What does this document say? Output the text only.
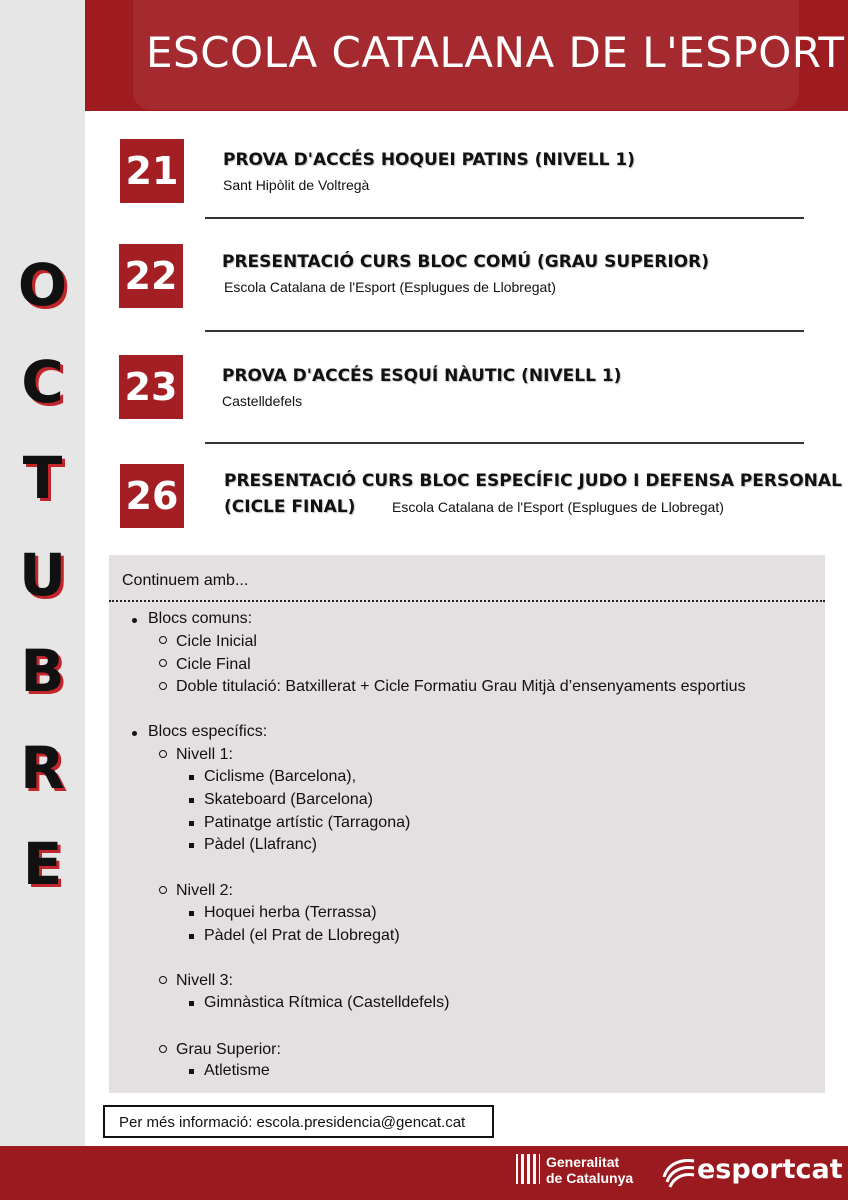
O
C
T
U
B
R
E
ESCOLA CATALANA DE L'ESPORT
21	PROVA D'ACCÉS HOQUEI PATINS (NIVELL 1)
Sant Hipòlit de Voltregà
22	PRESENTACIÓ CURS BLOC COMÚ (GRAU SUPERIOR)
Escola Catalana de l'Esport (Esplugues de Llobregat)
23	PROVA D'ACCÉS ESQUÍ NÀUTIC (NIVELL 1)
Castelldefels
26	PRESENTACIÓ CURS BLOC ESPECÍFIC JUDO I DEFENSA PERSONAL
(CICLE FINAL)	Escola Catalana de l'Esport (Esplugues de Llobregat)
Continuem amb...
Blocs comuns:
Cicle Inicial
Cicle Final
Doble titulació: Batxillerat + Cicle Formatiu Grau Mitjà d’ensenyaments esportius
Blocs específics:
Nivell 1:
Ciclisme (Barcelona),
Skateboard (Barcelona)
Patinatge artístic (Tarragona)
Pàdel (Llafranc)
Nivell 2:
Hoquei herba (Terrassa)
Pàdel (el Prat de Llobregat)
Nivell 3:
Gimnàstica Rítmica (Castelldefels)
Grau Superior:
Atletisme
Per més informació: escola.presidencia@gencat.cat
Generalitat
de Catalunya esportcat
